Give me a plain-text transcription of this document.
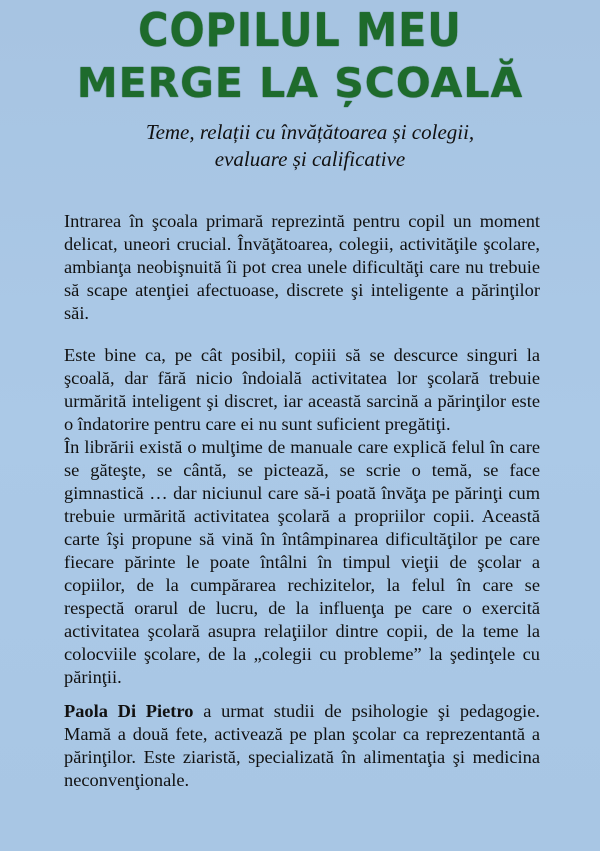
COPILUL MEU
MERGE LA ȘCOALĂ
Teme, relații cu învățătoarea și colegii,
evaluare și calificative

Intrarea în şcoala primară reprezintă pentru copil un moment delicat, uneori crucial. Învăţătoarea, colegii, activităţile şcolare, ambianţa neobişnuită îi pot crea unele dificultăţi care nu trebuie să scape atenţiei afectuoase, discrete şi inteligente a părinţilor săi.

Este bine ca, pe cât posibil, copiii să se descurce singuri la şcoală, dar fără nicio îndoială activitatea lor şcolară trebuie urmărită inteligent şi discret, iar această sarcină a părinţilor este o îndatorire pentru care ei nu sunt suficient pregătiţi.

În librării există o mulţime de manuale care explică felul în care se găteşte, se cântă, se pictează, se scrie o temă, se face gimnastică … dar niciunul care să-i poată învăţa pe părinţi cum trebuie urmărită activitatea şcolară a propriilor copii. Această carte îşi propune să vină în întâmpinarea dificultăţilor pe care fiecare părinte le poate întâlni în timpul vieţii de şcolar a copiilor, de la cumpărarea rechizitelor, la felul în care se respectă orarul de lucru, de la influenţa pe care o exercită activitatea şcolară asupra relaţiilor dintre copii, de la teme la colocviile şcolare, de la „colegii cu probleme” la şedinţele cu părinţii.

Paola Di Pietro a urmat studii de psihologie şi pedagogie. Mamă a două fete, activează pe plan şcolar ca reprezentantă a părinţilor. Este ziaristă, specializată în alimentaţia şi medicina neconvenţionale.
